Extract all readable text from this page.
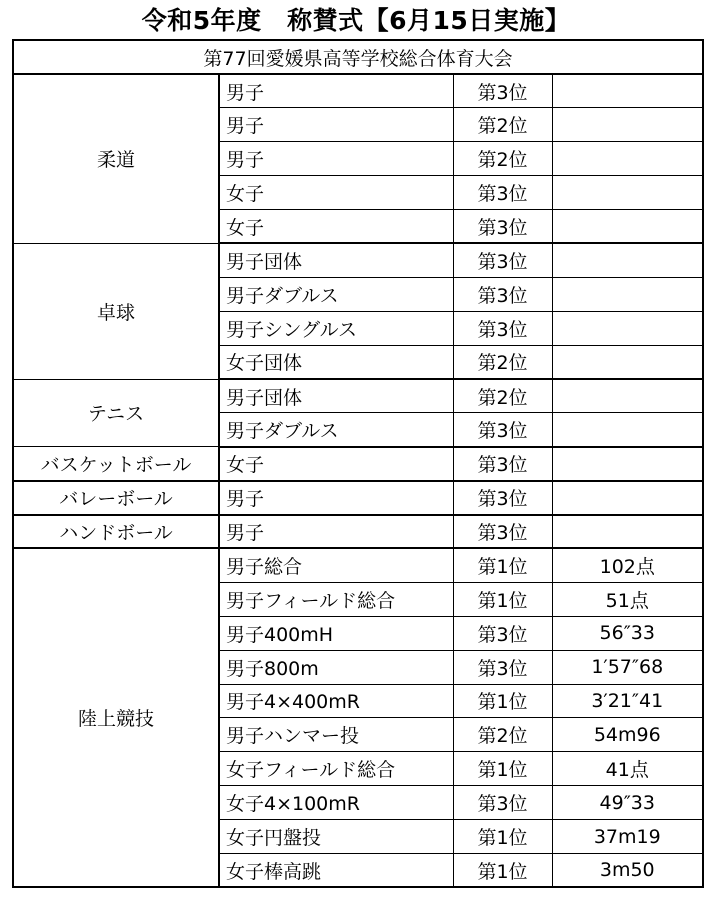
令和5年度　称賛式【6月15日実施】
第77回愛媛県高等学校総合体育大会			
柔道	男子	第3位	
	男子	第2位	
	男子	第2位	
	女子	第3位	
	女子	第3位	
卓球	男子団体	第3位	
	男子ダブルス	第3位	
	男子シングルス	第3位	
	女子団体	第2位	
テニス	男子団体	第2位	
	男子ダブルス	第3位	
バスケットボール	女子	第3位	
バレーボール	男子	第3位	
ハンドボール	男子	第3位	
陸上競技	男子総合	第1位	102点
	男子フィールド総合	第1位	51点
	男子400mH	第3位	56″33
	男子800m	第3位	1′57″68
	男子4×400mR	第1位	3′21″41
	男子ハンマー投	第2位	54m96
	女子フィールド総合	第1位	41点
	女子4×100mR	第3位	49″33
	女子円盤投	第1位	37m19
	女子棒高跳	第1位	3m50
